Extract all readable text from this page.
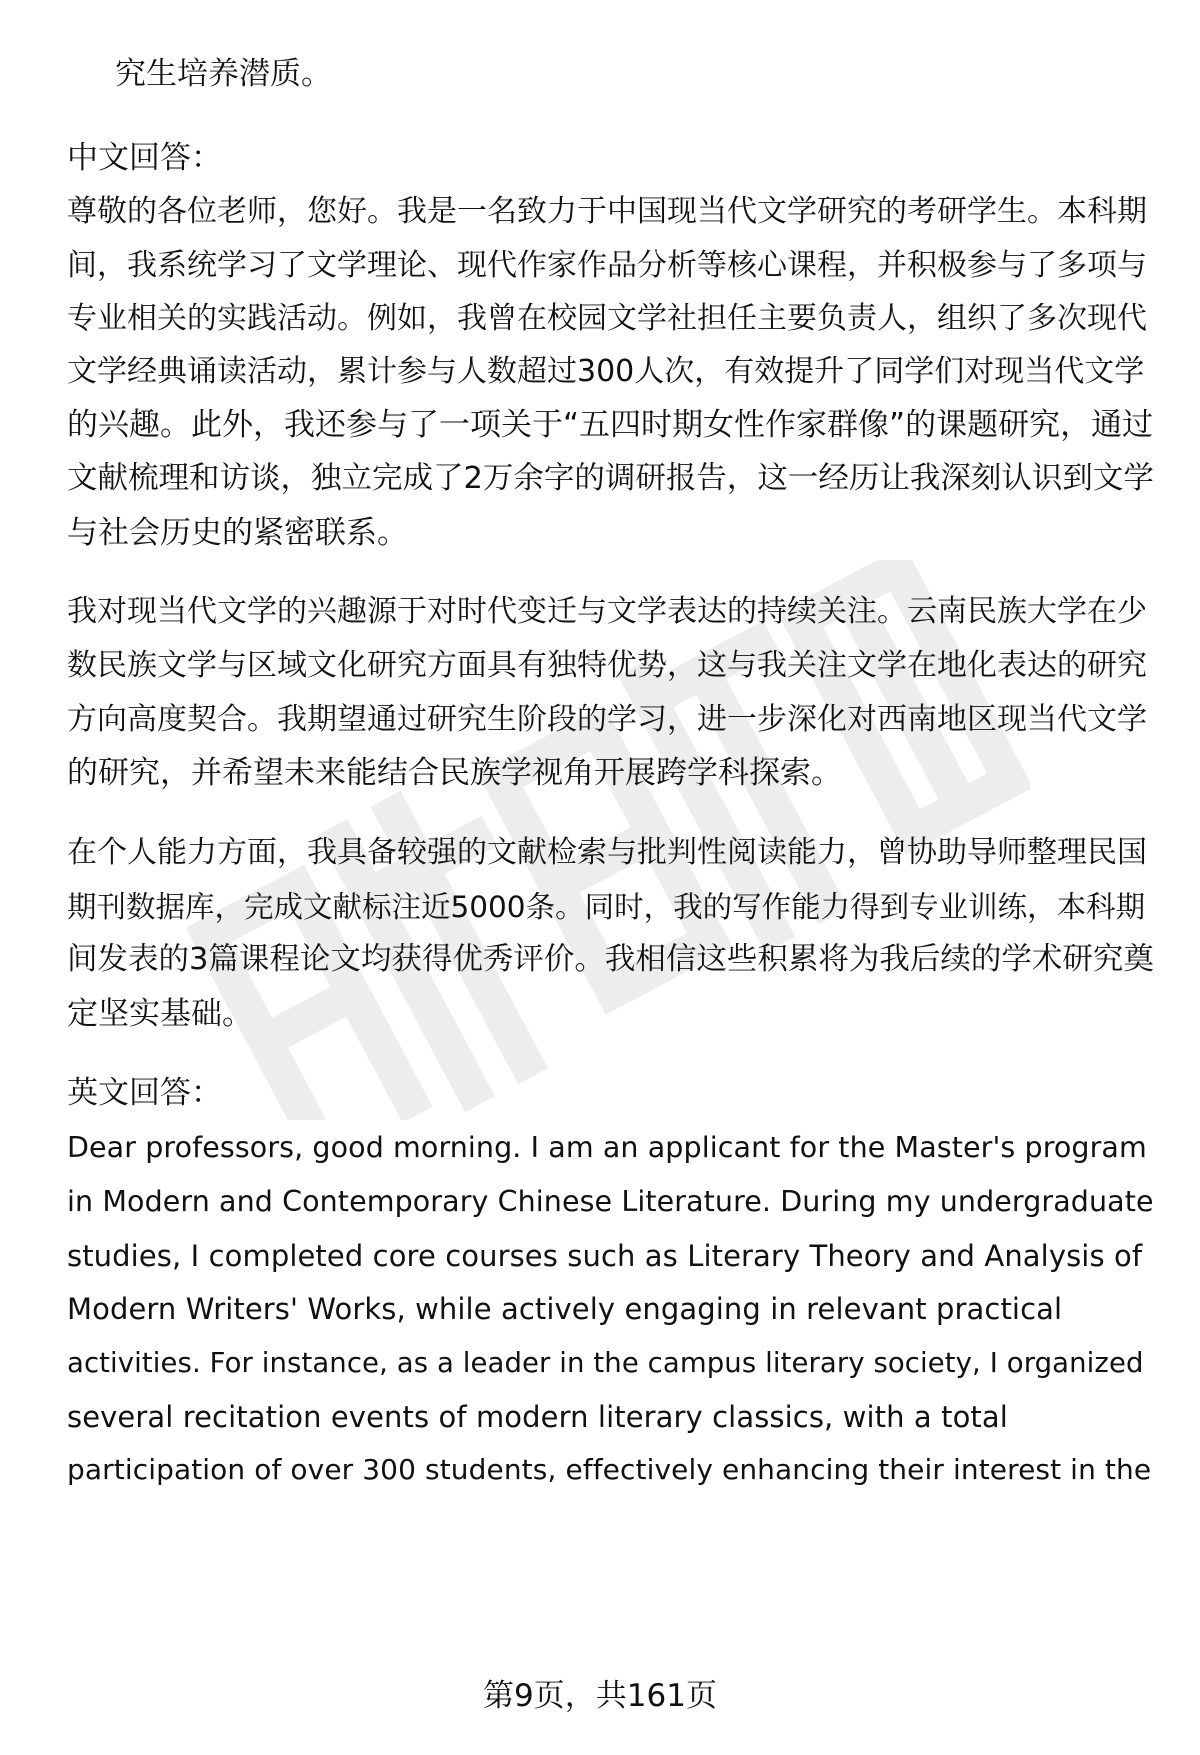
究生培养潜质。
中文回答：
尊敬的各位老师，您好。我是一名致力于中国现当代文学研究的考研学生。本科期
间，我系统学习了文学理论、现代作家作品分析等核心课程，并积极参与了多项与
专业相关的实践活动。例如，我曾在校园文学社担任主要负责人，组织了多次现代
文学经典诵读活动，累计参与人数超过300人次，有效提升了同学们对现当代文学
的兴趣。此外，我还参与了一项关于“五四时期女性作家群像”的课题研究，通过
文献梳理和访谈，独立完成了2万余字的调研报告，这一经历让我深刻认识到文学
与社会历史的紧密联系。
我对现当代文学的兴趣源于对时代变迁与文学表达的持续关注。云南民族大学在少
数民族文学与区域文化研究方面具有独特优势，这与我关注文学在地化表达的研究
方向高度契合。我期望通过研究生阶段的学习，进一步深化对西南地区现当代文学
的研究，并希望未来能结合民族学视角开展跨学科探索。
在个人能力方面，我具备较强的文献检索与批判性阅读能力，曾协助导师整理民国
期刊数据库，完成文献标注近5000条。同时，我的写作能力得到专业训练，本科期
间发表的3篇课程论文均获得优秀评价。我相信这些积累将为我后续的学术研究奠
定坚实基础。
英文回答：
Dear professors, good morning. I am an applicant for the Master's program
in Modern and Contemporary Chinese Literature. During my undergraduate
studies, I completed core courses such as Literary Theory and Analysis of
Modern Writers' Works, while actively engaging in relevant practical
activities. For instance, as a leader in the campus literary society, I organized
several recitation events of modern literary classics, with a total
participation of over 300 students, effectively enhancing their interest in the
第9页，共161页
